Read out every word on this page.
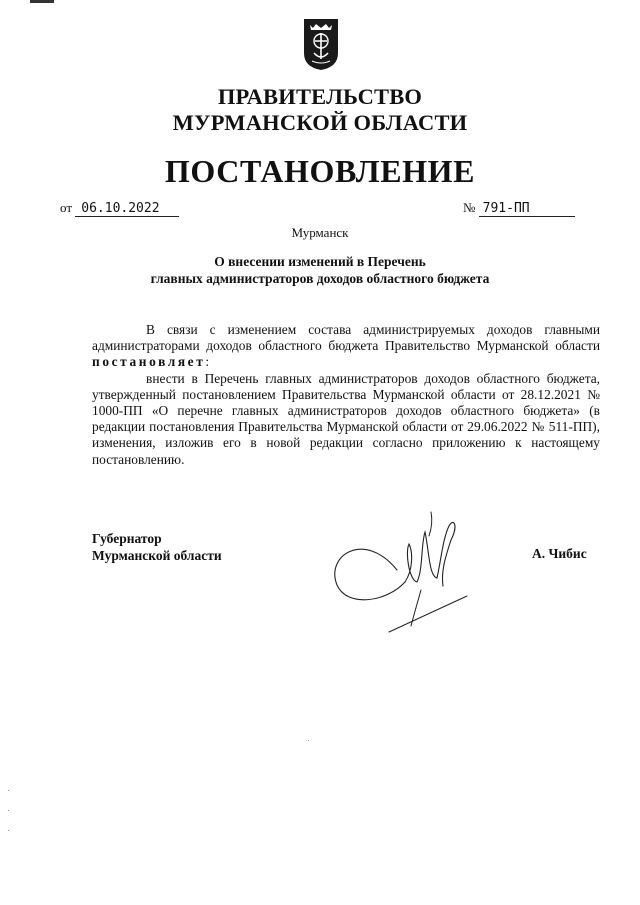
ПРАВИТЕЛЬСТВО
МУРМАНСКОЙ ОБЛАСТИ
ПОСТАНОВЛЕНИЕ
от 06.10.2022	№ 791-ПП
Мурманск
О внесении изменений в Перечень
главных администраторов доходов областного бюджета

В связи с изменением состава администрируемых доходов главными администраторами доходов областного бюджета Правительство Мурманской области постановляет:

внести в Перечень главных администраторов доходов областного бюджета, утвержденный постановлением Правительства Мурманской области от 28.12.2021 № 1000-ПП «О перечне главных администраторов доходов областного бюджета» (в редакции постановления Правительства Мурманской области от 29.06.2022 № 511-ПП), изменения, изложив его в новой редакции согласно приложению к настоящему постановлению.

Губернатор
Мурманской области	А. Чибис
